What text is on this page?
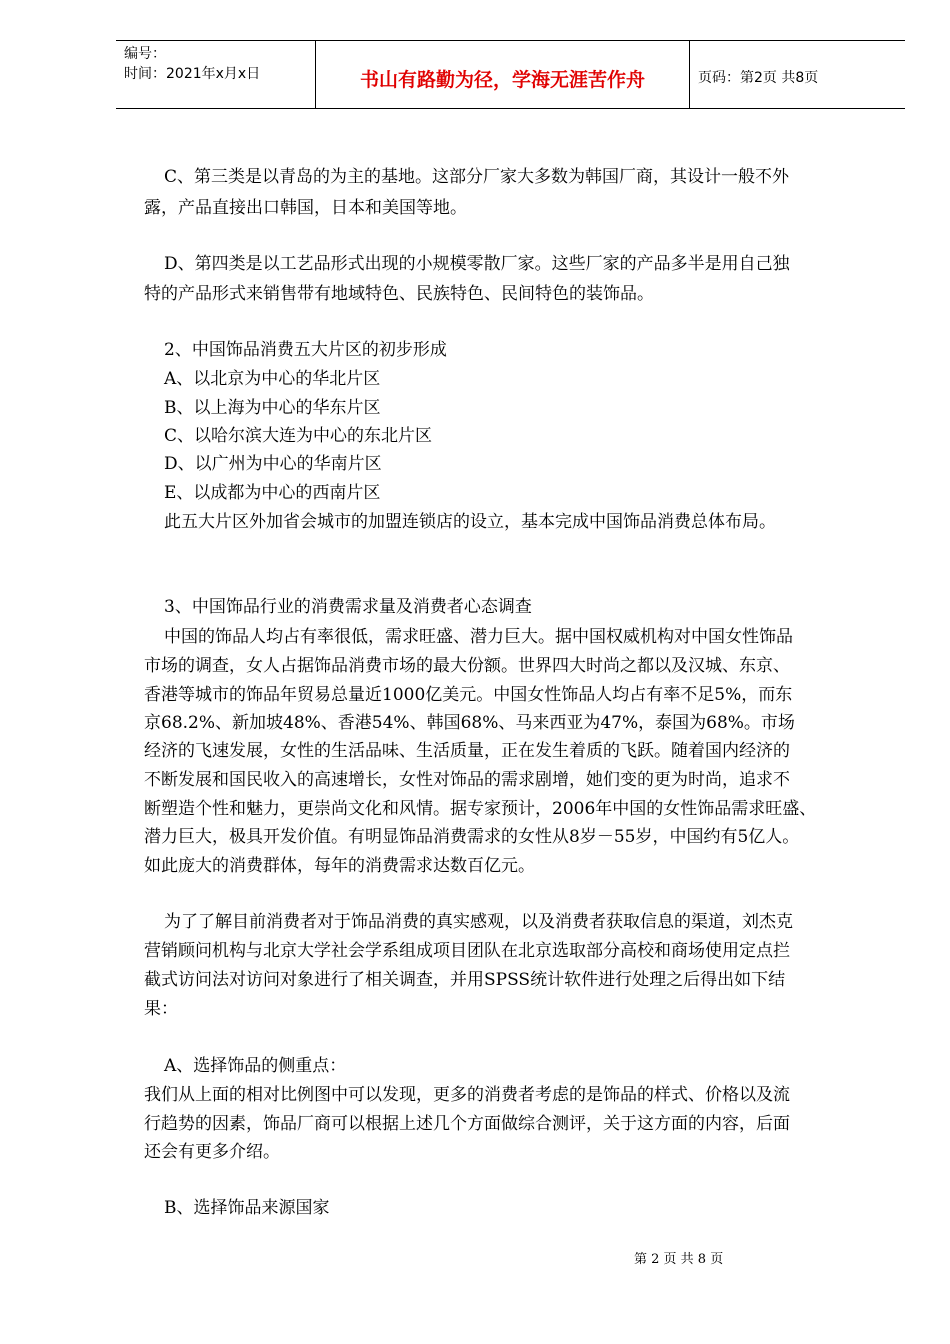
编号：
时间：2021年x月x日	书山有路勤为径，学海无涯苦作舟	页码：第2页 共8页
C、第三类是以青岛的为主的基地。这部分厂家大多数为韩国厂商，其设计一般不外
露，产品直接出口韩国，日本和美国等地。
D、第四类是以工艺品形式出现的小规模零散厂家。这些厂家的产品多半是用自己独
特的产品形式来销售带有地域特色、民族特色、民间特色的装饰品。
2、中国饰品消费五大片区的初步形成
A、以北京为中心的华北片区
B、以上海为中心的华东片区
C、以哈尔滨大连为中心的东北片区
D、以广州为中心的华南片区
E、以成都为中心的西南片区
此五大片区外加省会城市的加盟连锁店的设立，基本完成中国饰品消费总体布局。
3、中国饰品行业的消费需求量及消费者心态调查
中国的饰品人均占有率很低，需求旺盛、潜力巨大。据中国权威机构对中国女性饰品
市场的调查，女人占据饰品消费市场的最大份额。世界四大时尚之都以及汉城、东京、
香港等城市的饰品年贸易总量近1000亿美元。中国女性饰品人均占有率不足5%，而东
京68.2%、新加坡48%、香港54%、韩国68%、马来西亚为47%，泰国为68%。市场
经济的飞速发展，女性的生活品味、生活质量，正在发生着质的飞跃。随着国内经济的
不断发展和国民收入的高速增长，女性对饰品的需求剧增，她们变的更为时尚，追求不
断塑造个性和魅力，更崇尚文化和风情。据专家预计，2006年中国的女性饰品需求旺盛、
潜力巨大，极具开发价值。有明显饰品消费需求的女性从8岁－55岁，中国约有5亿人。
如此庞大的消费群体，每年的消费需求达数百亿元。
为了了解目前消费者对于饰品消费的真实感观，以及消费者获取信息的渠道，刘杰克
营销顾问机构与北京大学社会学系组成项目团队在北京选取部分高校和商场使用定点拦
截式访问法对访问对象进行了相关调查，并用SPSS统计软件进行处理之后得出如下结
果：
A、选择饰品的侧重点：
我们从上面的相对比例图中可以发现，更多的消费者考虑的是饰品的样式、价格以及流
行趋势的因素，饰品厂商可以根据上述几个方面做综合测评，关于这方面的内容，后面
还会有更多介绍。
B、选择饰品来源国家
第 2 页 共 8 页
